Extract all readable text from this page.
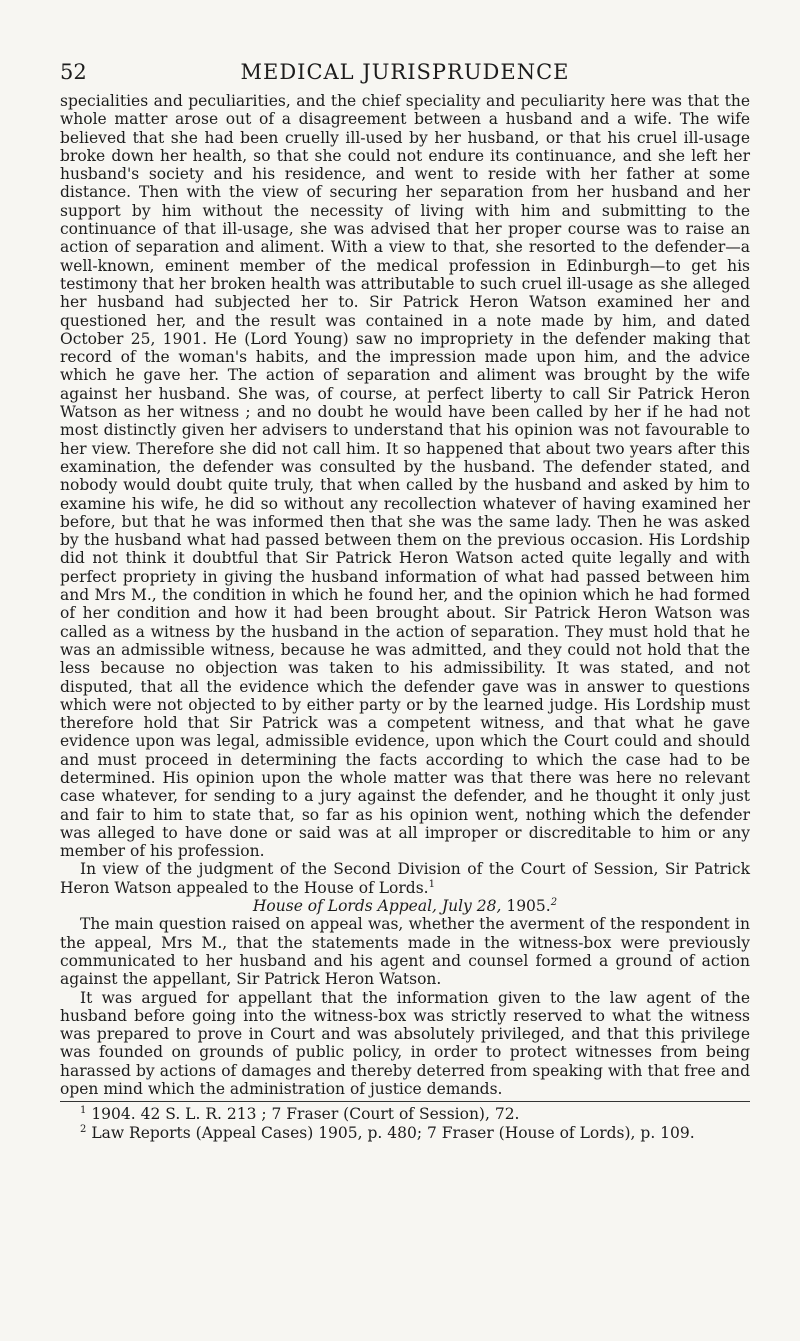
52	MEDICAL JURISPRUDENCE

specialities and peculiarities, and the chief speciality and peculiarity here was that the whole matter arose out of a disagreement between a husband and a wife. The wife believed that she had been cruelly ill-used by her husband, or that his cruel ill-usage broke down her health, so that she could not endure its continuance, and she left her husband's society and his residence, and went to reside with her father at some distance. Then with the view of securing her separation from her husband and her support by him without the necessity of living with him and submitting to the continuance of that ill-usage, she was advised that her proper course was to raise an action of separation and aliment. With a view to that, she resorted to the defender—a well-known, eminent member of the medical profession in Edinburgh—to get his testimony that her broken health was attributable to such cruel ill-usage as she alleged her husband had subjected her to. Sir Patrick Heron Watson examined her and questioned her, and the result was contained in a note made by him, and dated October 25, 1901. He (Lord Young) saw no impropriety in the defender making that record of the woman's habits, and the impression made upon him, and the advice which he gave her. The action of separation and aliment was brought by the wife against her husband. She was, of course, at perfect liberty to call Sir Patrick Heron Watson as her witness ; and no doubt he would have been called by her if he had not most distinctly given her advisers to understand that his opinion was not favourable to her view. Therefore she did not call him. It so happened that about two years after this examination, the defender was consulted by the husband. The defender stated, and nobody would doubt quite truly, that when called by the husband and asked by him to examine his wife, he did so without any recollection whatever of having examined her before, but that he was informed then that she was the same lady. Then he was asked by the husband what had passed between them on the previous occasion. His Lordship did not think it doubtful that Sir Patrick Heron Watson acted quite legally and with perfect propriety in giving the husband information of what had passed between him and Mrs M., the condition in which he found her, and the opinion which he had formed of her condition and how it had been brought about. Sir Patrick Heron Watson was called as a witness by the husband in the action of separation. They must hold that he was an admissible witness, because he was admitted, and they could not hold that the less because no objection was taken to his admissibility. It was stated, and not disputed, that all the evidence which the defender gave was in answer to questions which were not objected to by either party or by the learned judge. His Lordship must therefore hold that Sir Patrick was a competent witness, and that what he gave evidence upon was legal, admissible evidence, upon which the Court could and should and must proceed in determining the facts according to which the case had to be determined. His opinion upon the whole matter was that there was here no relevant case whatever, for sending to a jury against the defender, and he thought it only just and fair to him to state that, so far as his opinion went, nothing which the defender was alleged to have done or said was at all improper or discreditable to him or any member of his profession.

In view of the judgment of the Second Division of the Court of Session, Sir Patrick Heron Watson appealed to the House of Lords.$^1$

House of Lords Appeal, July 28, 1905.$^2$

The main question raised on appeal was, whether the averment of the respondent in the appeal, Mrs M., that the statements made in the witness-box were previously communicated to her husband and his agent and counsel formed a ground of action against the appellant, Sir Patrick Heron Watson.

It was argued for appellant that the information given to the law agent of the husband before going into the witness-box was strictly reserved to what the witness was prepared to prove in Court and was absolutely privileged, and that this privilege was founded on grounds of public policy, in order to protect witnesses from being harassed by actions of damages and thereby deterred from speaking with that free and open mind which the administration of justice demands.

$^1$ 1904. 42 S. L. R. 213 ; 7 Fraser (Court of Session), 72.

$^2$ Law Reports (Appeal Cases) 1905, p. 480; 7 Fraser (House of Lords), p. 109.
